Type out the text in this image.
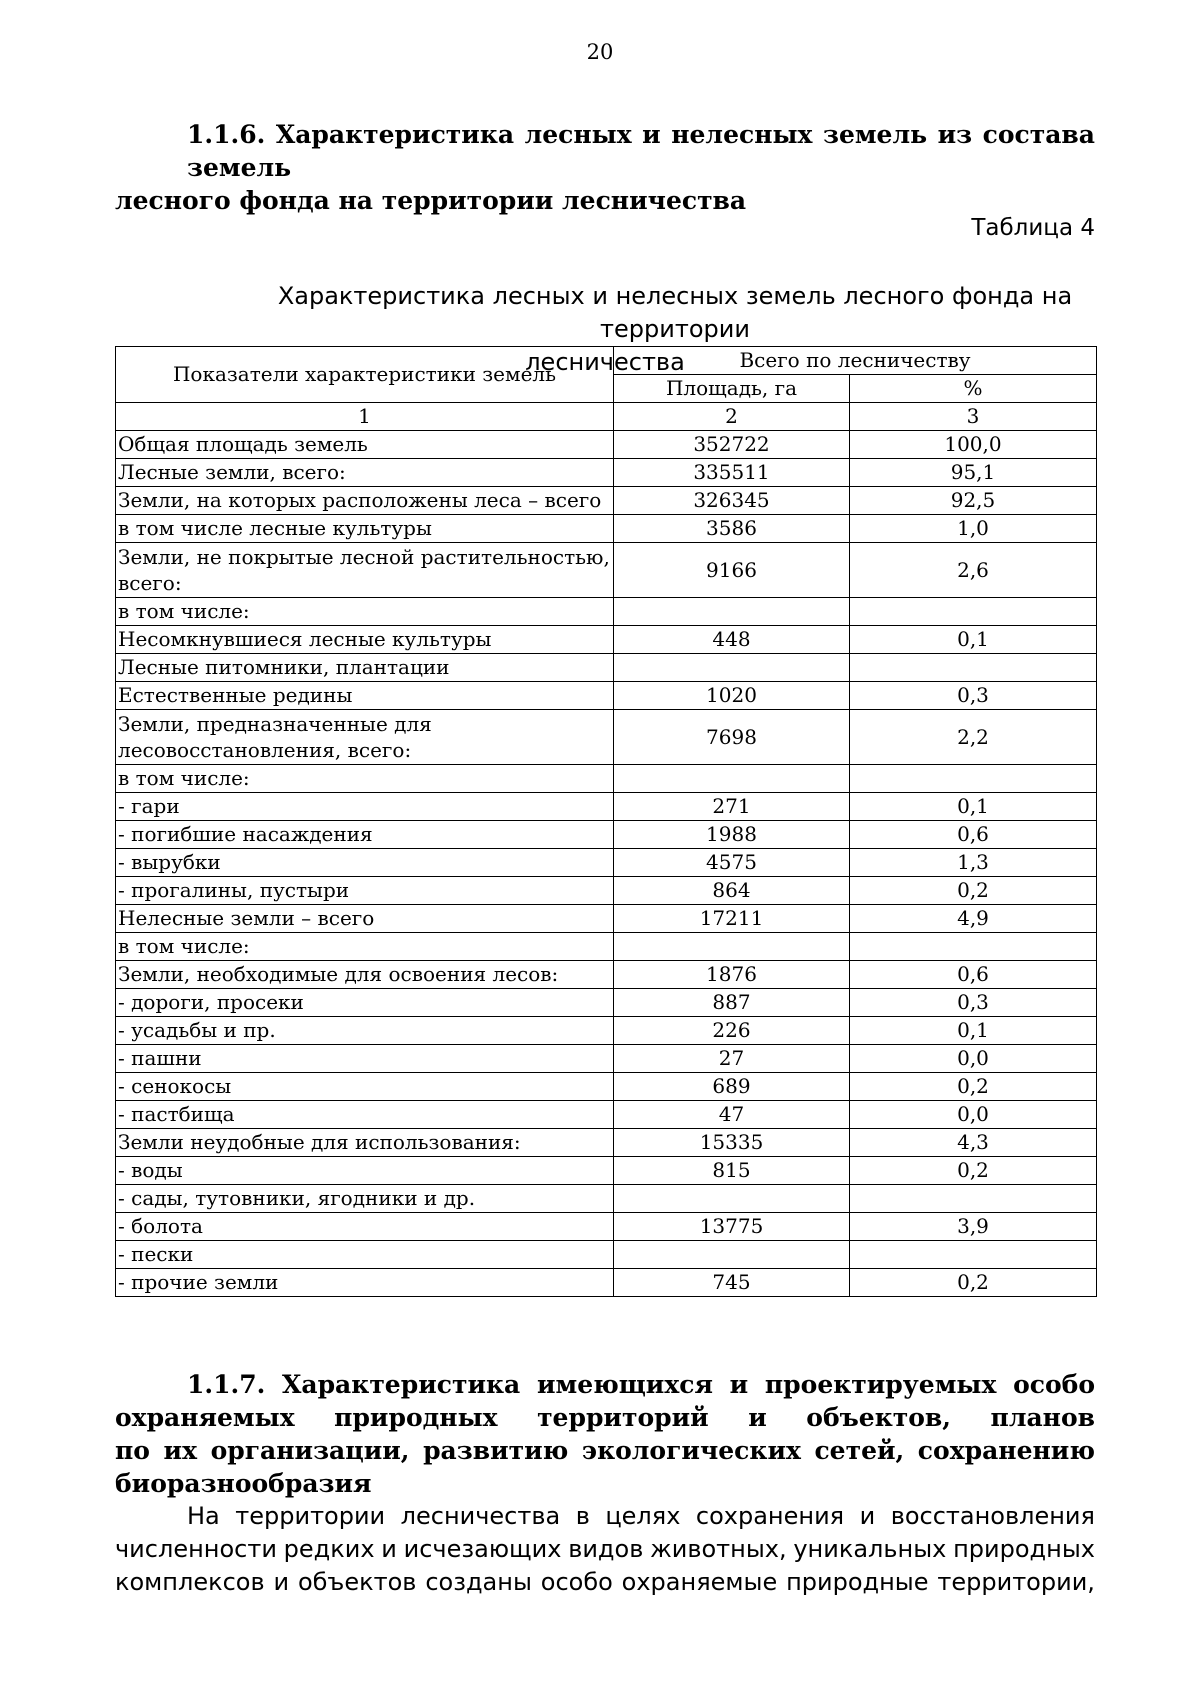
20
1.1.6. Характеристика лесных и нелесных земель из состава земель
лесного фонда на территории лесничества
Таблица 4
Характеристика лесных и нелесных земель лесного фонда на территории
лесничества
Показатели характеристики земель	Всего по лесничеству	
	Площадь, га	%
1	2	3
Общая площадь земель	352722	100,0
Лесные земли, всего:	335511	95,1
Земли, на которых расположены леса – всего	326345	92,5
в том числе лесные культуры	3586	1,0
Земли, не покрытые лесной растительностью, всего:	9166	2,6
в том числе:		
Несомкнувшиеся лесные культуры	448	0,1
Лесные питомники, плантации		
Естественные редины	1020	0,3
Земли, предназначенные для лесовосстановления, всего:	7698	2,2
в том числе:		
- гари	271	0,1
- погибшие насаждения	1988	0,6
- вырубки	4575	1,3
- прогалины, пустыри	864	0,2
Нелесные земли – всего	17211	4,9
в том числе:		
Земли, необходимые для освоения лесов:	1876	0,6
- дороги, просеки	887	0,3
- усадьбы и пр.	226	0,1
- пашни	27	0,0
- сенокосы	689	0,2
- пастбища	47	0,0
Земли неудобные для использования:	15335	4,3
- воды	815	0,2
- сады, тутовники, ягодники и др.		
- болота	13775	3,9
- пески		
- прочие земли	745	0,2
1.1.7. Характеристика имеющихся и проектируемых особо
охраняемых природных территорий и объектов, планов
по их организации, развитию экологических сетей, сохранению
биоразнообразия
На территории лесничества в целях сохранения и восстановления
численности редких и исчезающих видов животных, уникальных природных
комплексов и объектов созданы особо охраняемые природные территории,
